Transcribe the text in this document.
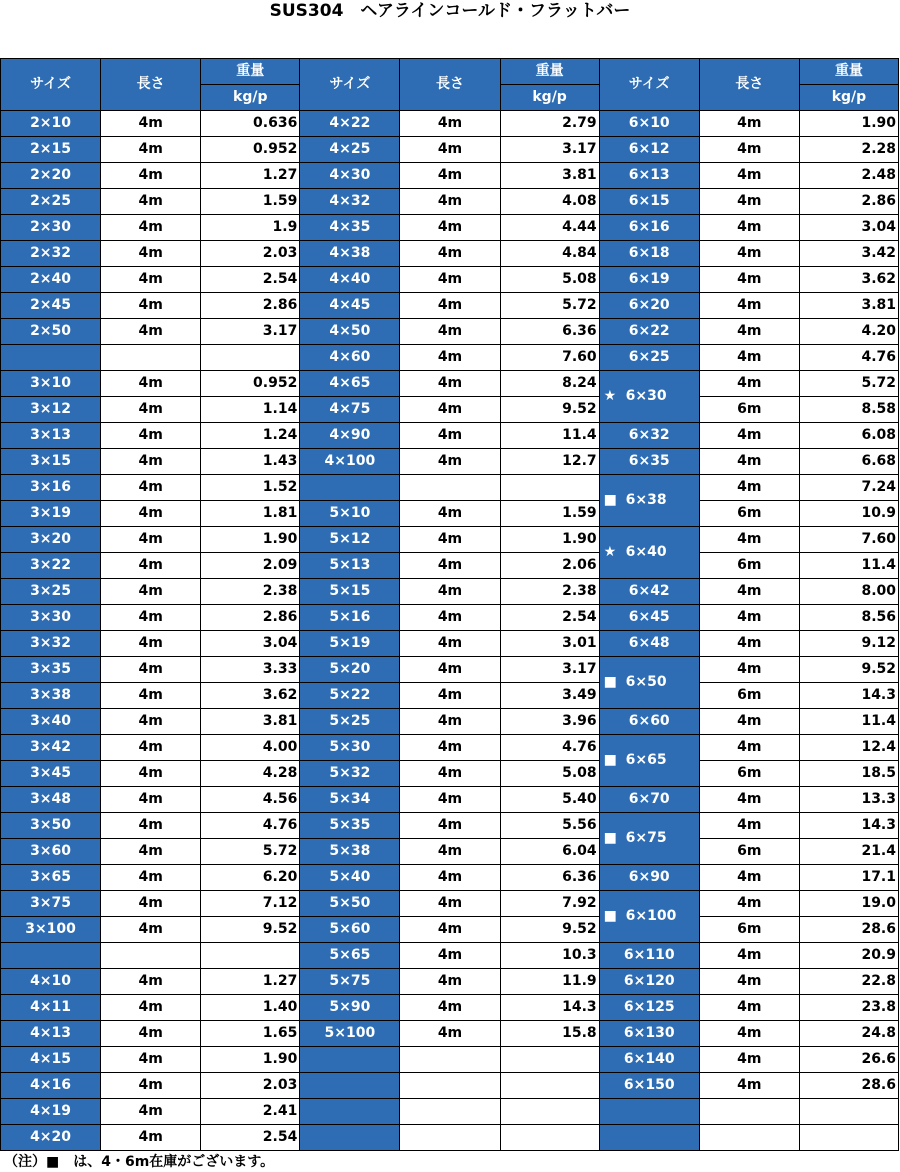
SUS304　ヘアラインコールド・フラットバー
サイズ	長さ	重量	サイズ	長さ	重量	サイズ	長さ	重量
		kg/p			kg/p			kg/p
2×10	4m	0.636	4×22	4m	2.79	6×10	4m	1.90
2×15	4m	0.952	4×25	4m	3.17	6×12	4m	2.28
2×20	4m	1.27	4×30	4m	3.81	6×13	4m	2.48
2×25	4m	1.59	4×32	4m	4.08	6×15	4m	2.86
2×30	4m	1.9	4×35	4m	4.44	6×16	4m	3.04
2×32	4m	2.03	4×38	4m	4.84	6×18	4m	3.42
2×40	4m	2.54	4×40	4m	5.08	6×19	4m	3.62
2×45	4m	2.86	4×45	4m	5.72	6×20	4m	3.81
2×50	4m	3.17	4×50	4m	6.36	6×22	4m	4.20
			4×60	4m	7.60	6×25	4m	4.76
3×10	4m	0.952	4×65	4m	8.24	★ 6×30	4m	5.72
3×12	4m	1.14	4×75	4m	9.52		6m	8.58
3×13	4m	1.24	4×90	4m	11.4	6×32	4m	6.08
3×15	4m	1.43	4×100	4m	12.7	6×35	4m	6.68
3×16	4m	1.52				■ 6×38	4m	7.24
3×19	4m	1.81	5×10	4m	1.59		6m	10.9
3×20	4m	1.90	5×12	4m	1.90	★ 6×40	4m	7.60
3×22	4m	2.09	5×13	4m	2.06		6m	11.4
3×25	4m	2.38	5×15	4m	2.38	6×42	4m	8.00
3×30	4m	2.86	5×16	4m	2.54	6×45	4m	8.56
3×32	4m	3.04	5×19	4m	3.01	6×48	4m	9.12
3×35	4m	3.33	5×20	4m	3.17	■ 6×50	4m	9.52
3×38	4m	3.62	5×22	4m	3.49		6m	14.3
3×40	4m	3.81	5×25	4m	3.96	6×60	4m	11.4
3×42	4m	4.00	5×30	4m	4.76	■ 6×65	4m	12.4
3×45	4m	4.28	5×32	4m	5.08		6m	18.5
3×48	4m	4.56	5×34	4m	5.40	6×70	4m	13.3
3×50	4m	4.76	5×35	4m	5.56	■ 6×75	4m	14.3
3×60	4m	5.72	5×38	4m	6.04		6m	21.4
3×65	4m	6.20	5×40	4m	6.36	6×90	4m	17.1
3×75	4m	7.12	5×50	4m	7.92	■ 6×100	4m	19.0
3×100	4m	9.52	5×60	4m	9.52		6m	28.6
			5×65	4m	10.3	6×110	4m	20.9
4×10	4m	1.27	5×75	4m	11.9	6×120	4m	22.8
4×11	4m	1.40	5×90	4m	14.3	6×125	4m	23.8
4×13	4m	1.65	5×100	4m	15.8	6×130	4m	24.8
4×15	4m	1.90				6×140	4m	26.6
4×16	4m	2.03				6×150	4m	28.6
4×19	4m	2.41						
4×20	4m	2.54						
（注）■　は、4・6m在庫がございます。
